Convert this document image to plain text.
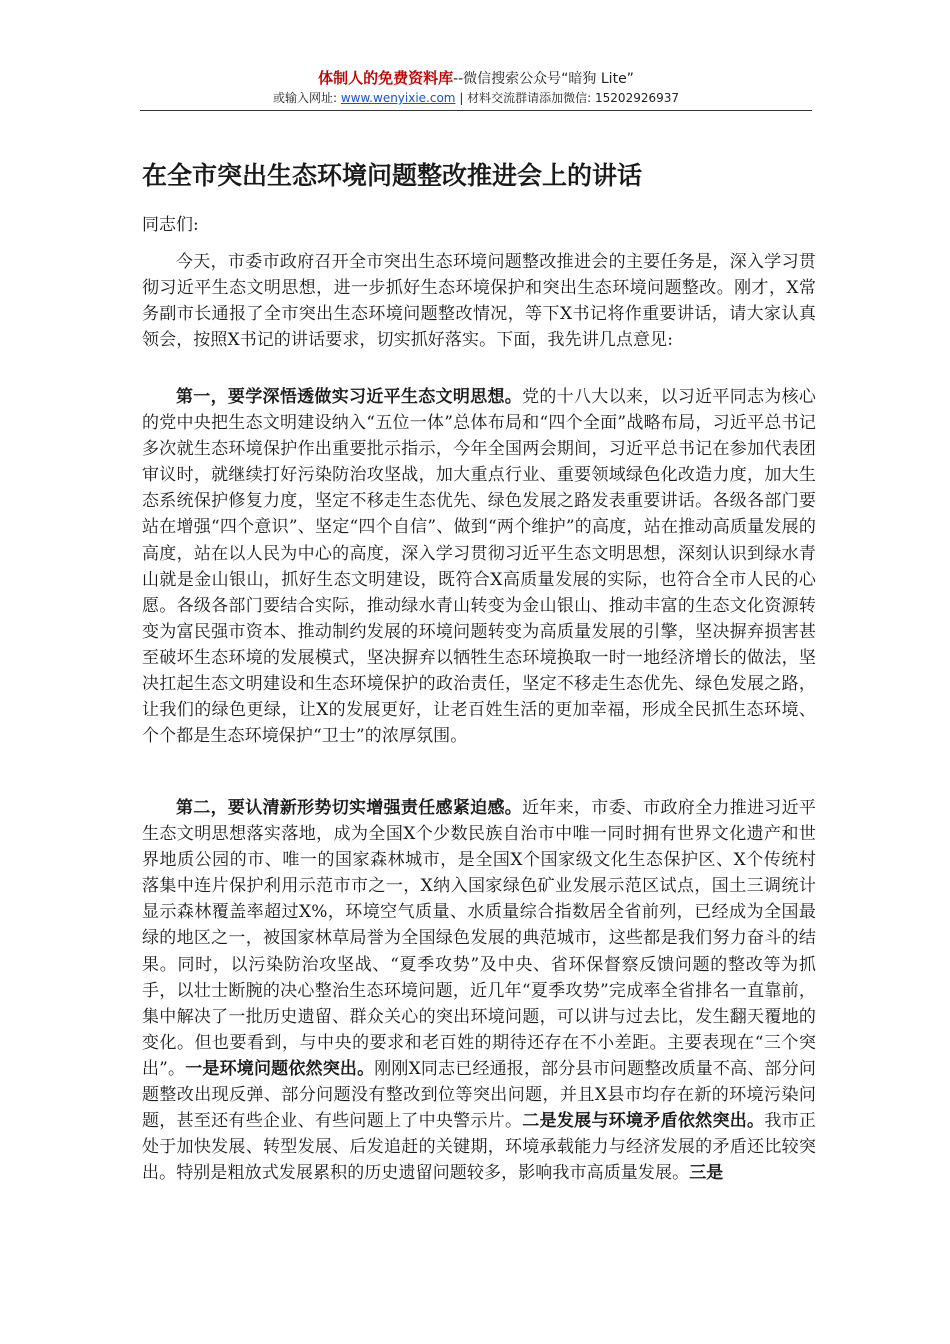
体制人的免费资料库--微信搜索公众号“暗狗 Lite”
或输入网址: www.wenyixie.com | 材料交流群请添加微信: 15202926937
在全市突出生态环境问题整改推进会上的讲话

同志们:

今天，市委市政府召开全市突出生态环境问题整改推进会的主要任务是，深入学习贯彻习近平生态文明思想，进一步抓好生态环境保护和突出生态环境问题整改。刚才，X常务副市长通报了全市突出生态环境问题整改情况，等下X书记将作重要讲话，请大家认真领会，按照X书记的讲话要求，切实抓好落实。下面，我先讲几点意见:

第一，要学深悟透做实习近平生态文明思想。党的十八大以来，以习近平同志为核心的党中央把生态文明建设纳入“五位一体”总体布局和“四个全面”战略布局，习近平总书记多次就生态环境保护作出重要批示指示，今年全国两会期间，习近平总书记在参加代表团审议时，就继续打好污染防治攻坚战，加大重点行业、重要领域绿色化改造力度，加大生态系统保护修复力度，坚定不移走生态优先、绿色发展之路发表重要讲话。各级各部门要站在增强“四个意识”、坚定“四个自信”、做到“两个维护”的高度，站在推动高质量发展的高度，站在以人民为中心的高度，深入学习贯彻习近平生态文明思想，深刻认识到绿水青山就是金山银山，抓好生态文明建设，既符合X高质量发展的实际，也符合全市人民的心愿。各级各部门要结合实际，推动绿水青山转变为金山银山、推动丰富的生态文化资源转变为富民强市资本、推动制约发展的环境问题转变为高质量发展的引擎，坚决摒弃损害甚至破坏生态环境的发展模式，坚决摒弃以牺牲生态环境换取一时一地经济增长的做法，坚决扛起生态文明建设和生态环境保护的政治责任，坚定不移走生态优先、绿色发展之路，让我们的绿色更绿，让X的发展更好，让老百姓生活的更加幸福，形成全民抓生态环境、个个都是生态环境保护“卫士”的浓厚氛围。

第二，要认清新形势切实增强责任感紧迫感。近年来，市委、市政府全力推进习近平生态文明思想落实落地，成为全国X个少数民族自治市中唯一同时拥有世界文化遗产和世界地质公园的市、唯一的国家森林城市，是全国X个国家级文化生态保护区、X个传统村落集中连片保护利用示范市市之一，X纳入国家绿色矿业发展示范区试点，国土三调统计显示森林覆盖率超过X%，环境空气质量、水质量综合指数居全省前列，已经成为全国最绿的地区之一，被国家林草局誉为全国绿色发展的典范城市，这些都是我们努力奋斗的结果。同时，以污染防治攻坚战、“夏季攻势”及中央、省环保督察反馈问题的整改等为抓手，以壮士断腕的决心整治生态环境问题，近几年“夏季攻势”完成率全省排名一直靠前，集中解决了一批历史遗留、群众关心的突出环境问题，可以讲与过去比，发生翻天覆地的变化。但也要看到，与中央的要求和老百姓的期待还存在不小差距。主要表现在“三个突出”。一是环境问题依然突出。刚刚X同志已经通报，部分县市问题整改质量不高、部分问题整改出现反弹、部分问题没有整改到位等突出问题，并且X县市均存在新的环境污染问题，甚至还有些企业、有些问题上了中央警示片。二是发展与环境矛盾依然突出。我市正处于加快发展、转型发展、后发追赶的关键期，环境承载能力与经济发展的矛盾还比较突出。特别是粗放式发展累积的历史遗留问题较多，影响我市高质量发展。三是
